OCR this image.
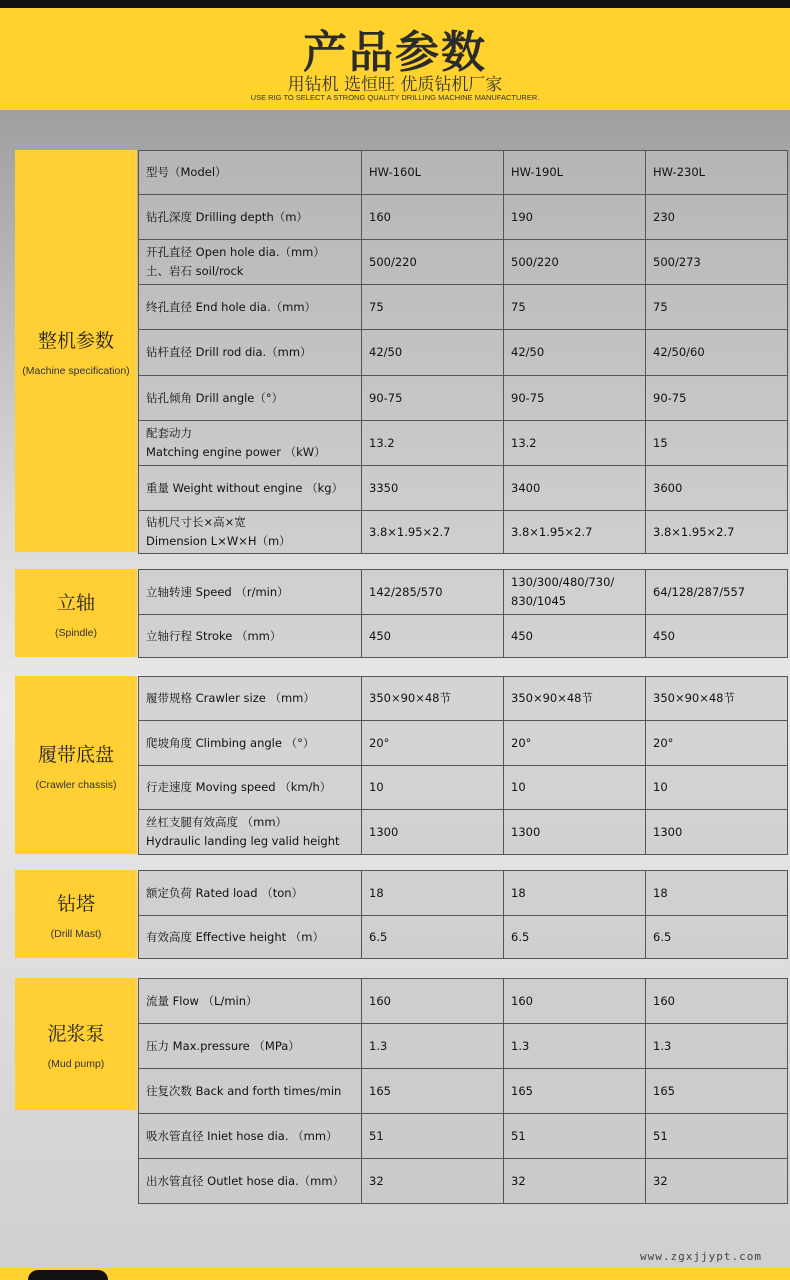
产品参数
用钻机 选恒旺 优质钻机厂家
USE RIG TO SELECT A STRONG QUALITY DRILLING MACHINE MANUFACTURER.
整机参数
(Machine specification)
型号（Model）	HW-160L	HW-190L	HW-230L
钻孔深度 Drilling depth（m）	160	190	230
开孔直径 Open hole dia.（mm）
土、岩石 soil/rock	500/220	500/220	500/273
终孔直径 End hole dia.（mm）	75	75	75
钻杆直径 Drill rod dia.（mm）	42/50	42/50	42/50/60
钻孔倾角 Drill angle（°）	90-75	90-75	90-75
配套动力
Matching engine power （kW）	13.2	13.2	15
重量 Weight without engine （kg）	3350	3400	3600
钻机尺寸长×高×宽
Dimension L×W×H（m）	3.8×1.95×2.7	3.8×1.95×2.7	3.8×1.95×2.7
立轴
(Spindle)
立轴转速 Speed （r/min）	142/285/570	130/300/480/730/
830/1045	64/128/287/557
立轴行程 Stroke （mm）	450	450	450
履带底盘
(Crawler chassis)
履带规格 Crawler size （mm）	350×90×48节	350×90×48节	350×90×48节
爬坡角度 Climbing angle （°）	20°	20°	20°
行走速度 Moving speed （km/h）	10	10	10
丝杠支腿有效高度 （mm）
Hydraulic landing leg valid height	1300	1300	1300
钻塔
(Drill Mast)
额定负荷 Rated load （ton）	18	18	18
有效高度 Effective height （m）	6.5	6.5	6.5
泥浆泵
(Mud pump)
流量 Flow （L/min）	160	160	160
压力 Max.pressure （MPa）	1.3	1.3	1.3
往复次数 Back and forth times/min	165	165	165
吸水管直径 Iniet hose dia. （mm）	51	51	51
出水管直径 Outlet hose dia.（mm）	32	32	32
www.zgxjjypt.com
